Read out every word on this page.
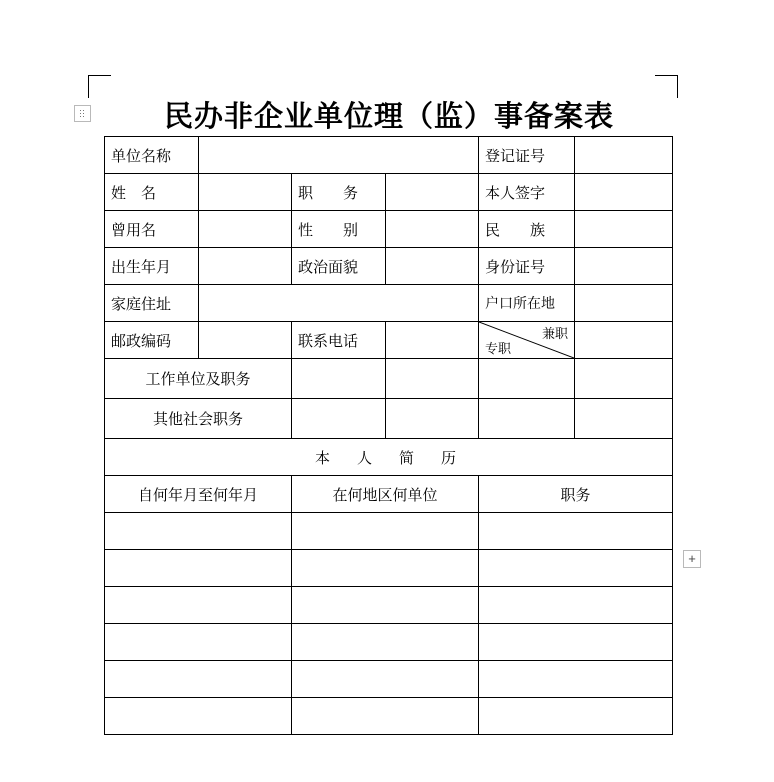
+
民办非企业单位理（监）事备案表
单位名称				登记证号	
姓　名		职　　务		本人签字	
曾用名		性　　别		民　　族	
出生年月		政治面貌		身份证号	
家庭住址				户口所在地	
邮政编码		联系电话		兼职
专职	

工作单位及职务					
其他社会职务					
本　人　简　历					
自何年月至何年月		在何地区何单位		职务	
